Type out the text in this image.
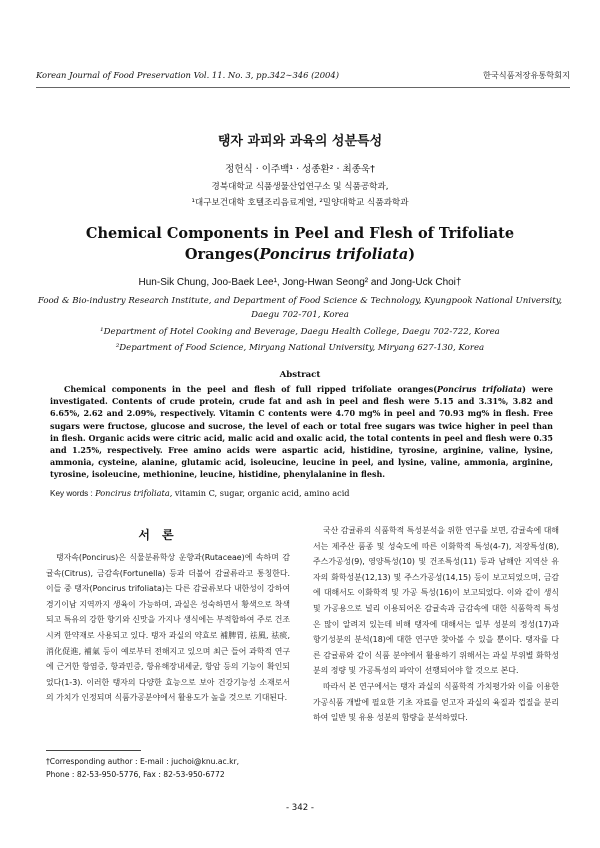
Korean Journal of Food Preservation Vol. 11. No. 3, pp.342∼346 (2004)	한국식품저장유통학회지
탱자 과피와 과육의 성분특성
정헌식 · 이주백¹ · 성종환² · 최종욱†
경북대학교 식품생물산업연구소 및 식품공학과,
¹대구보건대학 호텔조리음료계열, ²밀양대학교 식품과학과
Chemical Components in Peel and Flesh of Trifoliate
Oranges(Poncirus trifoliata)
Hun-Sik Chung, Joo-Baek Lee¹, Jong-Hwan Seong² and Jong-Uck Choi†
Food & Bio-industry Research Institute, and Department of Food Science & Technology, Kyungpook National University,
Daegu 702-701, Korea
¹Department of Hotel Cooking and Beverage, Daegu Health College, Daegu 702-722, Korea
²Department of Food Science, Miryang National University, Miryang 627-130, Korea
Abstract
Chemical components in the peel and flesh of full ripped trifoliate oranges(Poncirus trifoliata) were investigated. Contents of crude protein, crude fat and ash in peel and flesh were 5.15 and 3.31%, 3.82 and 6.65%, 2.62 and 2.09%, respectively. Vitamin C contents were 4.70 mg% in peel and 70.93 mg% in flesh. Free sugars were fructose, glucose and sucrose, the level of each or total free sugars was twice higher in peel than in flesh. Organic acids were citric acid, malic acid and oxalic acid, the total contents in peel and flesh were 0.35 and 1.25%, respectively. Free amino acids were aspartic acid, histidine, tyrosine, arginine, valine, lysine, ammonia, cysteine, alanine, glutamic acid, isoleucine, leucine in peel, and lysine, valine, ammonia, arginine, tyrosine, isoleucine, methionine, leucine, histidine, phenylalanine in flesh.
Key words : Poncirus trifoliata, vitamin C, sugar, organic acid, amino acid
서론
탱자속(Poncirus)은 식물분류학상 운향과(Rutaceae)에 속하며 감귤속(Citrus), 금감속(Fortunella) 등과 더불어 감귤류라고 통칭한다. 이들 중 탱자(Poncirus trifoliata)는 다른 감귤류보다 내한성이 강하여 경기이남 지역까지 생육이 가능하며, 과실은 성숙하면서 황색으로 착색되고 특유의 강한 향기와 신맛을 가지나 생식에는 부적합하여 주로 건조시켜 한약재로 사용되고 있다. 탱자 과실의 약효로 補脾胃, 祛風, 祛痰, 消化促進, 補氣 등이 예로부터 전해지고 있으며 최근 들어 과학적 연구에 근거한 항염증, 항과민증, 항유해장내세균, 항암 등의 기능이 확인되었다(1-3). 이러한 탱자의 다양한 효능으로 보아 건강기능성 소재로서의 가치가 인정되며 식품가공분야에서 활용도가 높을 것으로 기대된다.

국산 감귤류의 식품학적 특성분석을 위한 연구를 보면, 감귤속에 대해서는 제주산 품종 및 성숙도에 따른 이화학적 특성(4-7), 저장특성(8), 주스가공성(9), 영양특성(10) 및 건조특성(11) 등과 남해안 지역산 유자의 화학성분(12,13) 및 주스가공성(14,15) 등이 보고되었으며, 금감에 대해서도 이화학적 및 가공 특성(16)이 보고되었다. 이와 같이 생식 및 가공용으로 널리 이용되어온 감귤속과 금감속에 대한 식품학적 특성은 많이 알려져 있는데 비해 탱자에 대해서는 일부 성분의 정성(17)과 향기성분의 분석(18)에 대한 연구만 찾아볼 수 있을 뿐이다. 탱자를 다른 감귤류와 같이 식품 분야에서 활용하기 위해서는 과실 부위별 화학성분의 정량 및 가공특성의 파악이 선행되어야 할 것으로 본다.

따라서 본 연구에서는 탱자 과실의 식품학적 가치평가와 이를 이용한 가공식품 개발에 필요한 기초 자료를 얻고자 과실의 육질과 껍질을 분리하여 일반 및 유용 성분의 함량을 분석하였다.

†Corresponding author : E-mail : juchoi@knu.ac.kr,
Phone : 82-53-950-5776, Fax : 82-53-950-6772
- 342 -
